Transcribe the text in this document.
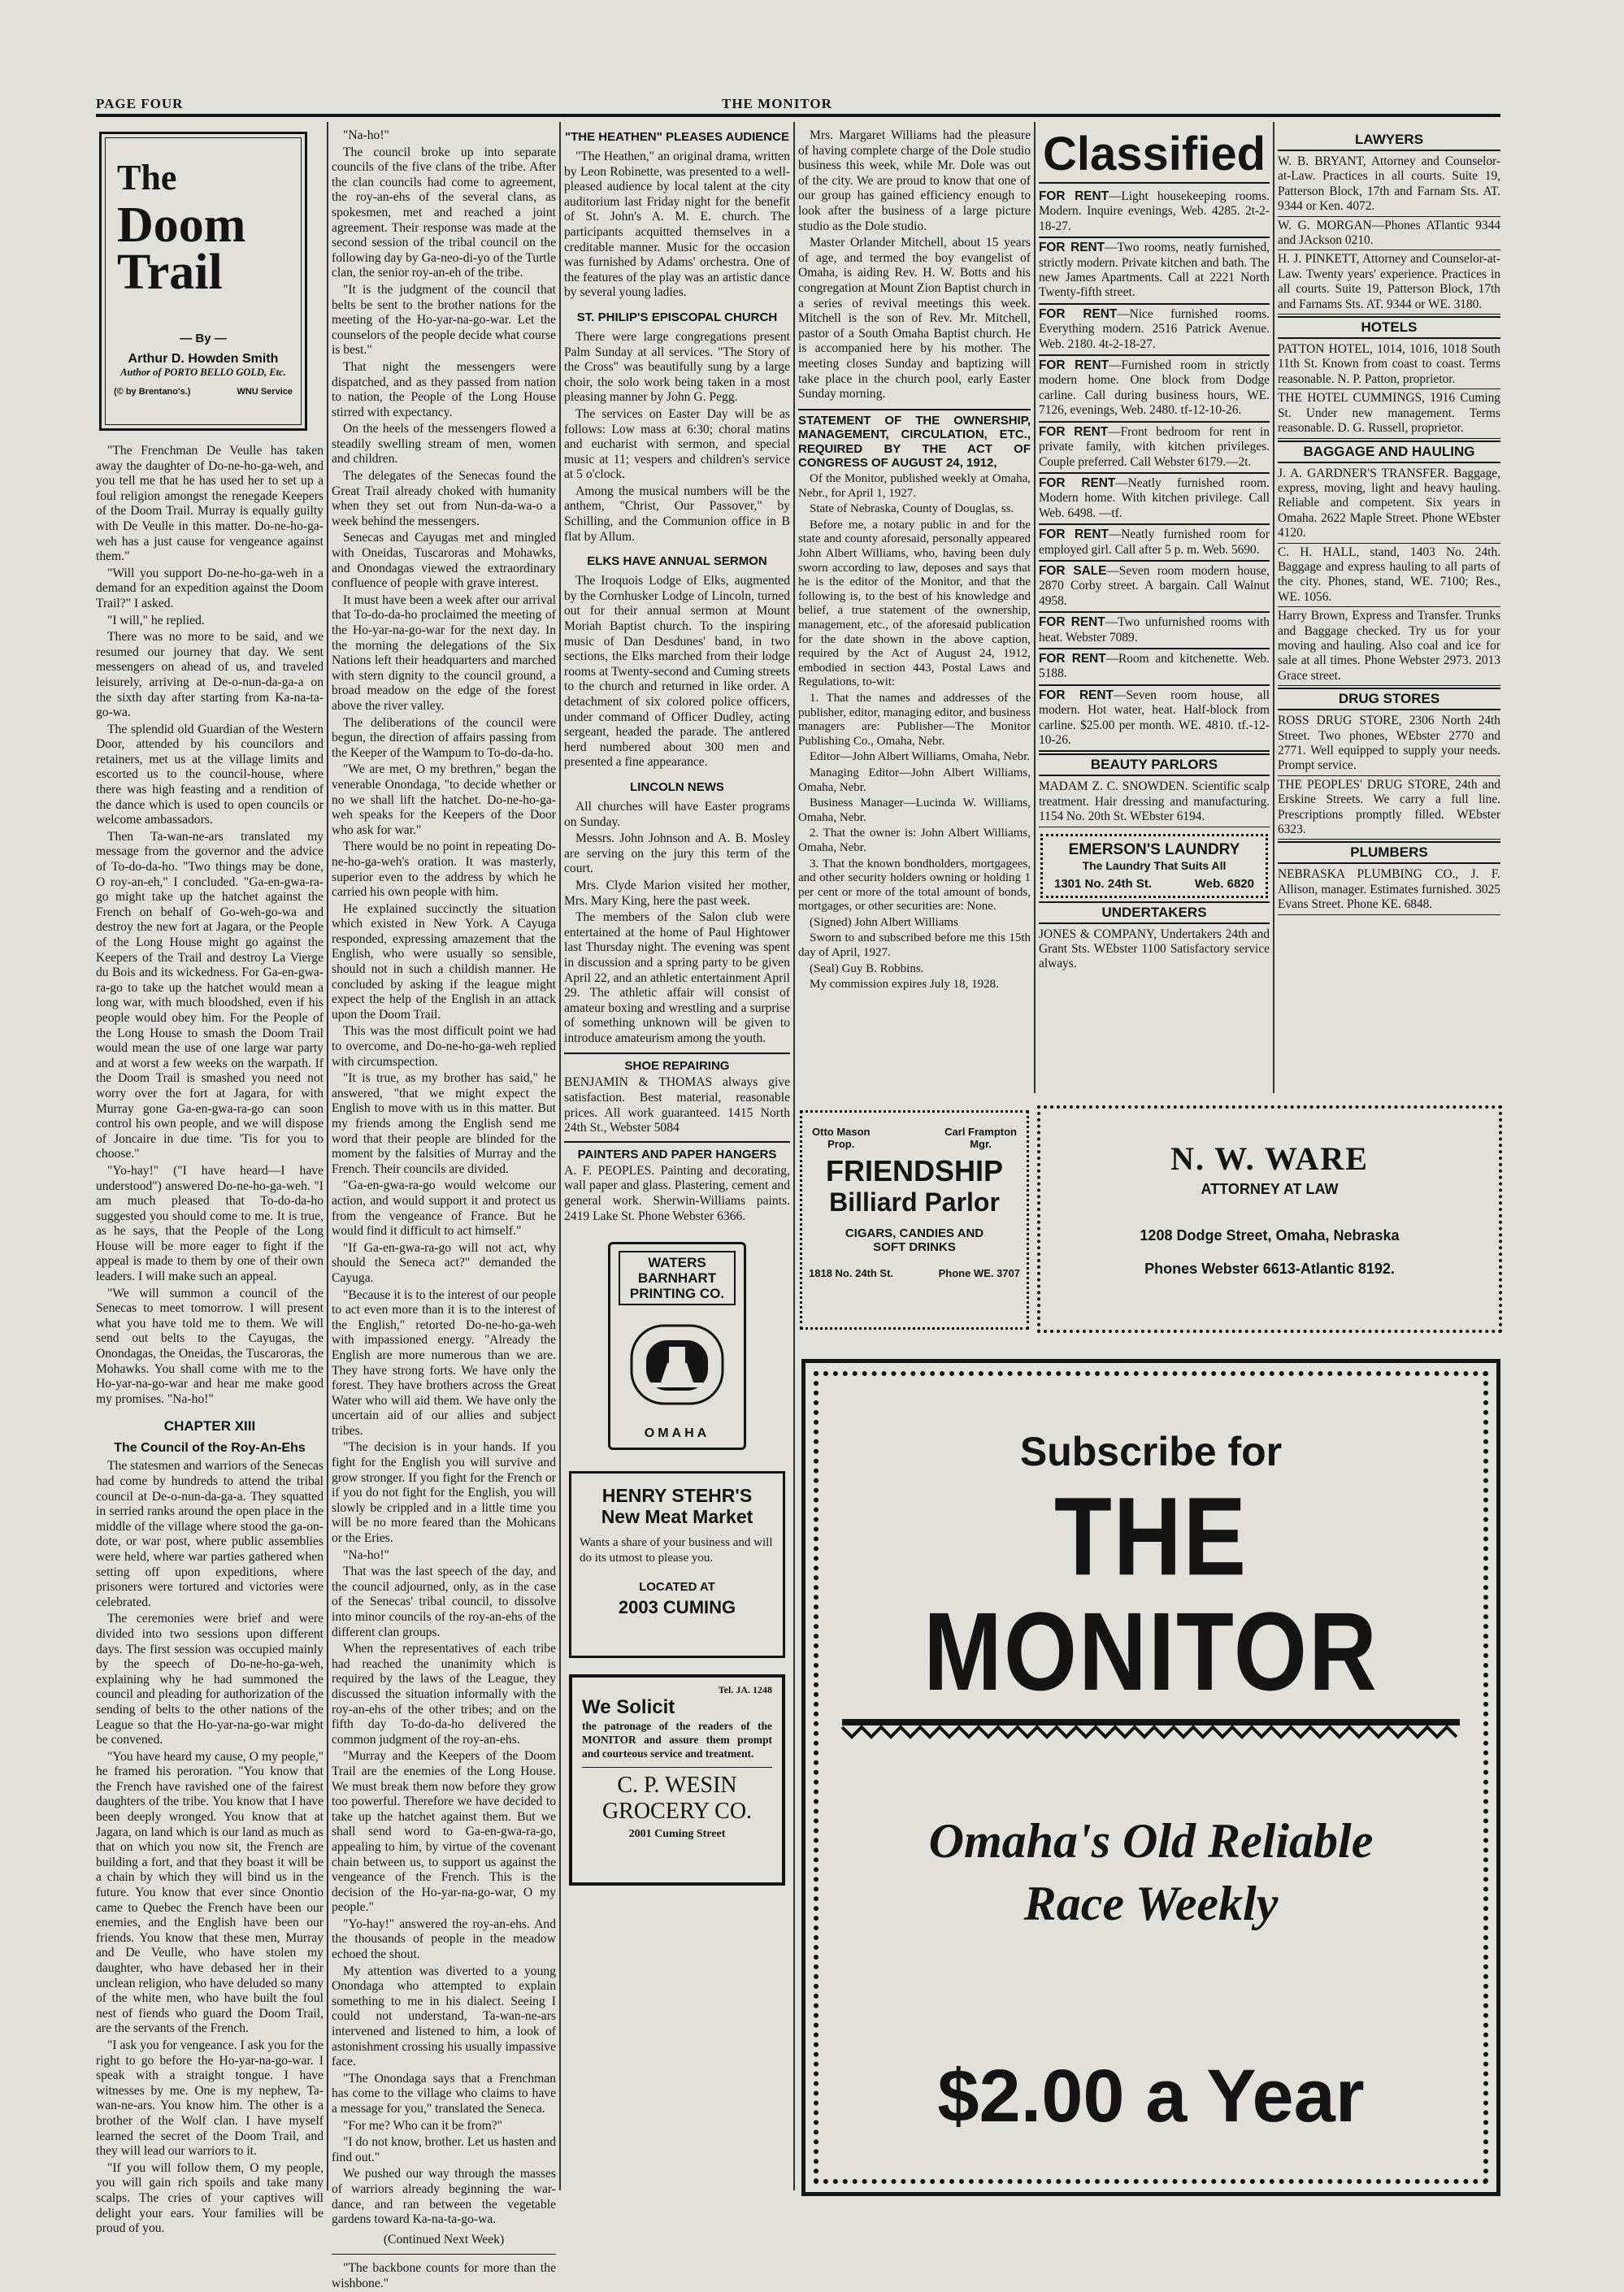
PAGE FOUR	THE MONITOR
The
Doom
Trail
— By —
Arthur D. Howden Smith
Author of PORTO BELLO GOLD, Etc.
(© by Brentano's.)	WNU Service

"The Frenchman De Veulle has taken away the daughter of Do-ne-ho-ga-weh, and you tell me that he has used her to set up a foul religion amongst the renegade Keepers of the Doom Trail. Murray is equally guilty with De Veulle in this matter. Do-ne-ho-ga-weh has a just cause for vengeance against them."

"Will you support Do-ne-ho-ga-weh in a demand for an expedition against the Doom Trail?" I asked.

"I will," he replied.

There was no more to be said, and we resumed our journey that day. We sent messengers on ahead of us, and traveled leisurely, arriving at De-o-nun-da-ga-a on the sixth day after starting from Ka-na-ta-go-wa.

The splendid old Guardian of the Western Door, attended by his councilors and retainers, met us at the village limits and escorted us to the council-house, where there was high feasting and a rendition of the dance which is used to open councils or welcome ambassadors.

Then Ta-wan-ne-ars translated my message from the governor and the advice of To-do-da-ho. "Two things may be done, O roy-an-eh," I concluded. "Ga-en-gwa-ra-go might take up the hatchet against the French on behalf of Go-weh-go-wa and destroy the new fort at Jagara, or the People of the Long House might go against the Keepers of the Trail and destroy La Vierge du Bois and its wickedness. For Ga-en-gwa-ra-go to take up the hatchet would mean a long war, with much bloodshed, even if his people would obey him. For the People of the Long House to smash the Doom Trail would mean the use of one large war party and at worst a few weeks on the warpath. If the Doom Trail is smashed you need not worry over the fort at Jagara, for with Murray gone Ga-en-gwa-ra-go can soon control his own people, and we will dispose of Joncaire in due time. 'Tis for you to choose."

"Yo-hay!" ("I have heard—I have understood") answered Do-ne-ho-ga-weh. "I am much pleased that To-do-da-ho suggested you should come to me. It is true, as he says, that the People of the Long House will be more eager to fight if the appeal is made to them by one of their own leaders. I will make such an appeal.

"We will summon a council of the Senecas to meet tomorrow. I will present what you have told me to them. We will send out belts to the Cayugas, the Onondagas, the Oneidas, the Tuscaroras, the Mohawks. You shall come with me to the Ho-yar-na-go-war and hear me make good my promises. "Na-ho!"

CHAPTER XIII
The Council of the Roy-An-Ehs

The statesmen and warriors of the Senecas had come by hundreds to attend the tribal council at De-o-nun-da-ga-a. They squatted in serried ranks around the open place in the middle of the village where stood the ga-on-dote, or war post, where public assemblies were held, where war parties gathered when setting off upon expeditions, where prisoners were tortured and victories were celebrated.

The ceremonies were brief and were divided into two sessions upon different days. The first session was occupied mainly by the speech of Do-ne-ho-ga-weh, explaining why he had summoned the council and pleading for authorization of the sending of belts to the other nations of the League so that the Ho-yar-na-go-war might be convened.

"You have heard my cause, O my people," he framed his peroration. "You know that the French have ravished one of the fairest daughters of the tribe. You know that I have been deeply wronged. You know that at Jagara, on land which is our land as much as that on which you now sit, the French are building a fort, and that they boast it will be a chain by which they will bind us in the future. You know that ever since Onontio came to Quebec the French have been our enemies, and the English have been our friends. You know that these men, Murray and De Veulle, who have stolen my daughter, who have debased her in their unclean religion, who have deluded so many of the white men, who have built the foul nest of fiends who guard the Doom Trail, are the servants of the French.

"I ask you for vengeance. I ask you for the right to go before the Ho-yar-na-go-war. I speak with a straight tongue. I have witnesses by me. One is my nephew, Ta-wan-ne-ars. You know him. The other is a brother of the Wolf clan. I have myself learned the secret of the Doom Trail, and they will lead our warriors to it.

"If you will follow them, O my people, you will gain rich spoils and take many scalps. The cries of your captives will delight your ears. Your families will be proud of you.

"Na-ho!"

The council broke up into separate councils of the five clans of the tribe. After the clan councils had come to agreement, the roy-an-ehs of the several clans, as spokesmen, met and reached a joint agreement. Their response was made at the second session of the tribal council on the following day by Ga-neo-di-yo of the Turtle clan, the senior roy-an-eh of the tribe.

"It is the judgment of the council that belts be sent to the brother nations for the meeting of the Ho-yar-na-go-war. Let the counselors of the people decide what course is best."

That night the messengers were dispatched, and as they passed from nation to nation, the People of the Long House stirred with expectancy.

On the heels of the messengers flowed a steadily swelling stream of men, women and children.

The delegates of the Senecas found the Great Trail already choked with humanity when they set out from Nun-da-wa-o a week behind the messengers.

Senecas and Cayugas met and mingled with Oneidas, Tuscaroras and Mohawks, and Onondagas viewed the extraordinary confluence of people with grave interest.

It must have been a week after our arrival that To-do-da-ho proclaimed the meeting of the Ho-yar-na-go-war for the next day. In the morning the delegations of the Six Nations left their headquarters and marched with stern dignity to the council ground, a broad meadow on the edge of the forest above the river valley.

The deliberations of the council were begun, the direction of affairs passing from the Keeper of the Wampum to To-do-da-ho.

"We are met, O my brethren," began the venerable Onondaga, "to decide whether or no we shall lift the hatchet. Do-ne-ho-ga-weh speaks for the Keepers of the Door who ask for war."

There would be no point in repeating Do-ne-ho-ga-weh's oration. It was masterly, superior even to the address by which he carried his own people with him.

He explained succinctly the situation which existed in New York. A Cayuga responded, expressing amazement that the English, who were usually so sensible, should not in such a childish manner. He concluded by asking if the league might expect the help of the English in an attack upon the Doom Trail.

This was the most difficult point we had to overcome, and Do-ne-ho-ga-weh replied with circumspection.

"It is true, as my brother has said," he answered, "that we might expect the English to move with us in this matter. But my friends among the English send me word that their people are blinded for the moment by the falsities of Murray and the French. Their councils are divided.

"Ga-en-gwa-ra-go would welcome our action, and would support it and protect us from the vengeance of France. But he would find it difficult to act himself."

"If Ga-en-gwa-ra-go will not act, why should the Seneca act?" demanded the Cayuga.

"Because it is to the interest of our people to act even more than it is to the interest of the English," retorted Do-ne-ho-ga-weh with impassioned energy. "Already the English are more numerous than we are. They have strong forts. We have only the forest. They have brothers across the Great Water who will aid them. We have only the uncertain aid of our allies and subject tribes.

"The decision is in your hands. If you fight for the English you will survive and grow stronger. If you fight for the French or if you do not fight for the English, you will slowly be crippled and in a little time you will be no more feared than the Mohicans or the Eries.

"Na-ho!"

That was the last speech of the day, and the council adjourned, only, as in the case of the Senecas' tribal council, to dissolve into minor councils of the roy-an-ehs of the different clan groups.

When the representatives of each tribe had reached the unanimity which is required by the laws of the League, they discussed the situation informally with the roy-an-ehs of the other tribes; and on the fifth day To-do-da-ho delivered the common judgment of the roy-an-ehs.

"Murray and the Keepers of the Doom Trail are the enemies of the Long House. We must break them now before they grow too powerful. Therefore we have decided to take up the hatchet against them. But we shall send word to Ga-en-gwa-ra-go, appealing to him, by virtue of the covenant chain between us, to support us against the vengeance of the French. This is the decision of the Ho-yar-na-go-war, O my people."

"Yo-hay!" answered the roy-an-ehs. And the thousands of people in the meadow echoed the shout.

My attention was diverted to a young Onondaga who attempted to explain something to me in his dialect. Seeing I could not understand, Ta-wan-ne-ars intervened and listened to him, a look of astonishment crossing his usually impassive face.

"The Onondaga says that a Frenchman has come to the village who claims to have a message for you," translated the Seneca.

"For me? Who can it be from?"

"I do not know, brother. Let us hasten and find out."

We pushed our way through the masses of warriors already beginning the war-dance, and ran between the vegetable gardens toward Ka-na-ta-go-wa.

(Continued Next Week)

"The backbone counts for more than the wishbone."

"THE HEATHEN" PLEASES AUDIENCE

"The Heathen," an original drama, written by Leon Robinette, was presented to a well-pleased audience by local talent at the city auditorium last Friday night for the benefit of St. John's A. M. E. church. The participants acquitted themselves in a creditable manner. Music for the occasion was furnished by Adams' orchestra. One of the features of the play was an artistic dance by several young ladies.

ST. PHILIP'S EPISCOPAL CHURCH

There were large congregations present Palm Sunday at all services. "The Story of the Cross" was beautifully sung by a large choir, the solo work being taken in a most pleasing manner by John G. Pegg.

The services on Easter Day will be as follows: Low mass at 6:30; choral matins and eucharist with sermon, and special music at 11; vespers and children's service at 5 o'clock.

Among the musical numbers will be the anthem, "Christ, Our Passover," by Schilling, and the Communion office in B flat by Allum.

ELKS HAVE ANNUAL SERMON

The Iroquois Lodge of Elks, augmented by the Cornhusker Lodge of Lincoln, turned out for their annual sermon at Mount Moriah Baptist church. To the inspiring music of Dan Desdunes' band, in two sections, the Elks marched from their lodge rooms at Twenty-second and Cuming streets to the church and returned in like order. A detachment of six colored police officers, under command of Officer Dudley, acting sergeant, headed the parade. The antlered herd numbered about 300 men and presented a fine appearance.

LINCOLN NEWS

All churches will have Easter programs on Sunday.

Messrs. John Johnson and A. B. Mosley are serving on the jury this term of the court.

Mrs. Clyde Marion visited her mother, Mrs. Mary King, here the past week.

The members of the Salon club were entertained at the home of Paul Hightower last Thursday night. The evening was spent in discussion and a spring party to be given April 22, and an athletic entertainment April 29. The athletic affair will consist of amateur boxing and wrestling and a surprise of something unknown will be given to introduce amateurism among the youth.

SHOE REPAIRING

BENJAMIN & THOMAS always give satisfaction. Best material, reasonable prices. All work guaranteed. 1415 North 24th St., Webster 5084

PAINTERS AND PAPER HANGERS

A. F. PEOPLES. Painting and decorating, wall paper and glass. Plastering, cement and general work. Sherwin-Williams paints. 2419 Lake St. Phone Webster 6366.

WATERS
BARNHART
PRINTING CO.
OMAHA
HENRY STEHR'S
New Meat Market

Wants a share of your business and will do its utmost to please you.

LOCATED AT
2003 CUMING
Tel. JA. 1248
We Solicit

the patronage of the readers of the MONITOR and assure them prompt and courteous service and treatment.

C. P. WESIN
GROCERY CO.
2001 Cuming Street

Mrs. Margaret Williams had the pleasure of having complete charge of the Dole studio business this week, while Mr. Dole was out of the city. We are proud to know that one of our group has gained efficiency enough to look after the business of a large picture studio as the Dole studio.

Master Orlander Mitchell, about 15 years of age, and termed the boy evangelist of Omaha, is aiding Rev. H. W. Botts and his congregation at Mount Zion Baptist church in a series of revival meetings this week. Mitchell is the son of Rev. Mr. Mitchell, pastor of a South Omaha Baptist church. He is accompanied here by his mother. The meeting closes Sunday and baptizing will take place in the church pool, early Easter Sunday morning.

STATEMENT OF THE OWNERSHIP, MANAGEMENT, CIRCULATION, ETC., REQUIRED BY THE ACT OF CONGRESS OF AUGUST 24, 1912,

Of the Monitor, published weekly at Omaha, Nebr., for April 1, 1927.

State of Nebraska, County of Douglas, ss.

Before me, a notary public in and for the state and county aforesaid, personally appeared John Albert Williams, who, having been duly sworn according to law, deposes and says that he is the editor of the Monitor, and that the following is, to the best of his knowledge and belief, a true statement of the ownership, management, etc., of the aforesaid publication for the date shown in the above caption, required by the Act of August 24, 1912, embodied in section 443, Postal Laws and Regulations, to-wit:

1. That the names and addresses of the publisher, editor, managing editor, and business managers are: Publisher—The Monitor Publishing Co., Omaha, Nebr.

Editor—John Albert Williams, Omaha, Nebr.

Managing Editor—John Albert Williams, Omaha, Nebr.

Business Manager—Lucinda W. Williams, Omaha, Nebr.

2. That the owner is: John Albert Williams, Omaha, Nebr.

3. That the known bondholders, mortgagees, and other security holders owning or holding 1 per cent or more of the total amount of bonds, mortgages, or other securities are: None.

(Signed) John Albert Williams

Sworn to and subscribed before me this 15th day of April, 1927.

(Seal) Guy B. Robbins.

My commission expires July 18, 1928.

Otto Mason
Prop.
Carl Frampton
Mgr.
FRIENDSHIP
Billiard Parlor
CIGARS, CANDIES AND
SOFT DRINKS
1818 No. 24th St.	Phone WE. 3707
Classified

FOR RENT—Light housekeeping rooms. Modern. Inquire evenings, Web. 4285. 2t-2-18-27.

FOR RENT—Two rooms, neatly furnished, strictly modern. Private kitchen and bath. The new James Apartments. Call at 2221 North Twenty-fifth street.

FOR RENT—Nice furnished rooms. Everything modern. 2516 Patrick Avenue. Web. 2180. 4t-2-18-27.

FOR RENT—Furnished room in strictly modern home. One block from Dodge carline. Call during business hours, WE. 7126, evenings, Web. 2480. tf-12-10-26.

FOR RENT—Front bedroom for rent in private family, with kitchen privileges. Couple preferred. Call Webster 6179.—2t.

FOR RENT—Neatly furnished room. Modern home. With kitchen privilege. Call Web. 6498. —tf.

FOR RENT—Neatly furnished room for employed girl. Call after 5 p. m. Web. 5690.

FOR SALE—Seven room modern house, 2870 Corby street. A bargain. Call Walnut 4958.

FOR RENT—Two unfurnished rooms with heat. Webster 7089.

FOR RENT—Room and kitchenette. Web. 5188.

FOR RENT—Seven room house, all modern. Hot water, heat. Half-block from carline. $25.00 per month. WE. 4810. tf.-12-10-26.

BEAUTY PARLORS

MADAM Z. C. SNOWDEN. Scientific scalp treatment. Hair dressing and manufacturing. 1154 No. 20th St. WEbster 6194.

EMERSON'S LAUNDRY
The Laundry That Suits All
1301 No. 24th St.	Web. 6820
UNDERTAKERS

JONES & COMPANY, Undertakers 24th and Grant Sts. WEbster 1100 Satisfactory service always.

LAWYERS

W. B. BRYANT, Attorney and Counselor-at-Law. Practices in all courts. Suite 19, Patterson Block, 17th and Farnam Sts. AT. 9344 or Ken. 4072.

W. G. MORGAN—Phones ATlantic 9344 and JAckson 0210.

H. J. PINKETT, Attorney and Counselor-at-Law. Twenty years' experience. Practices in all courts. Suite 19, Patterson Block, 17th and Farnams Sts. AT. 9344 or WE. 3180.

HOTELS

PATTON HOTEL, 1014, 1016, 1018 South 11th St. Known from coast to coast. Terms reasonable. N. P. Patton, proprietor.

THE HOTEL CUMMINGS, 1916 Cuming St. Under new management. Terms reasonable. D. G. Russell, proprietor.

BAGGAGE AND HAULING

J. A. GARDNER'S TRANSFER. Baggage, express, moving, light and heavy hauling. Reliable and competent. Six years in Omaha. 2622 Maple Street. Phone WEbster 4120.

C. H. HALL, stand, 1403 No. 24th. Baggage and express hauling to all parts of the city. Phones, stand, WE. 7100; Res., WE. 1056.

Harry Brown, Express and Transfer. Trunks and Baggage checked. Try us for your moving and hauling. Also coal and ice for sale at all times. Phone Webster 2973. 2013 Grace street.

DRUG STORES

ROSS DRUG STORE, 2306 North 24th Street. Two phones, WEbster 2770 and 2771. Well equipped to supply your needs. Prompt service.

THE PEOPLES' DRUG STORE, 24th and Erskine Streets. We carry a full line. Prescriptions promptly filled. WEbster 6323.

PLUMBERS

NEBRASKA PLUMBING CO., J. F. Allison, manager. Estimates furnished. 3025 Evans Street. Phone KE. 6848.

N. W. WARE
ATTORNEY AT LAW
1208 Dodge Street, Omaha, Nebraska
Phones Webster 6613-Atlantic 8192.
Subscribe for
THE MONITOR
Omaha's Old Reliable
Race Weekly
$2.00 a Year
